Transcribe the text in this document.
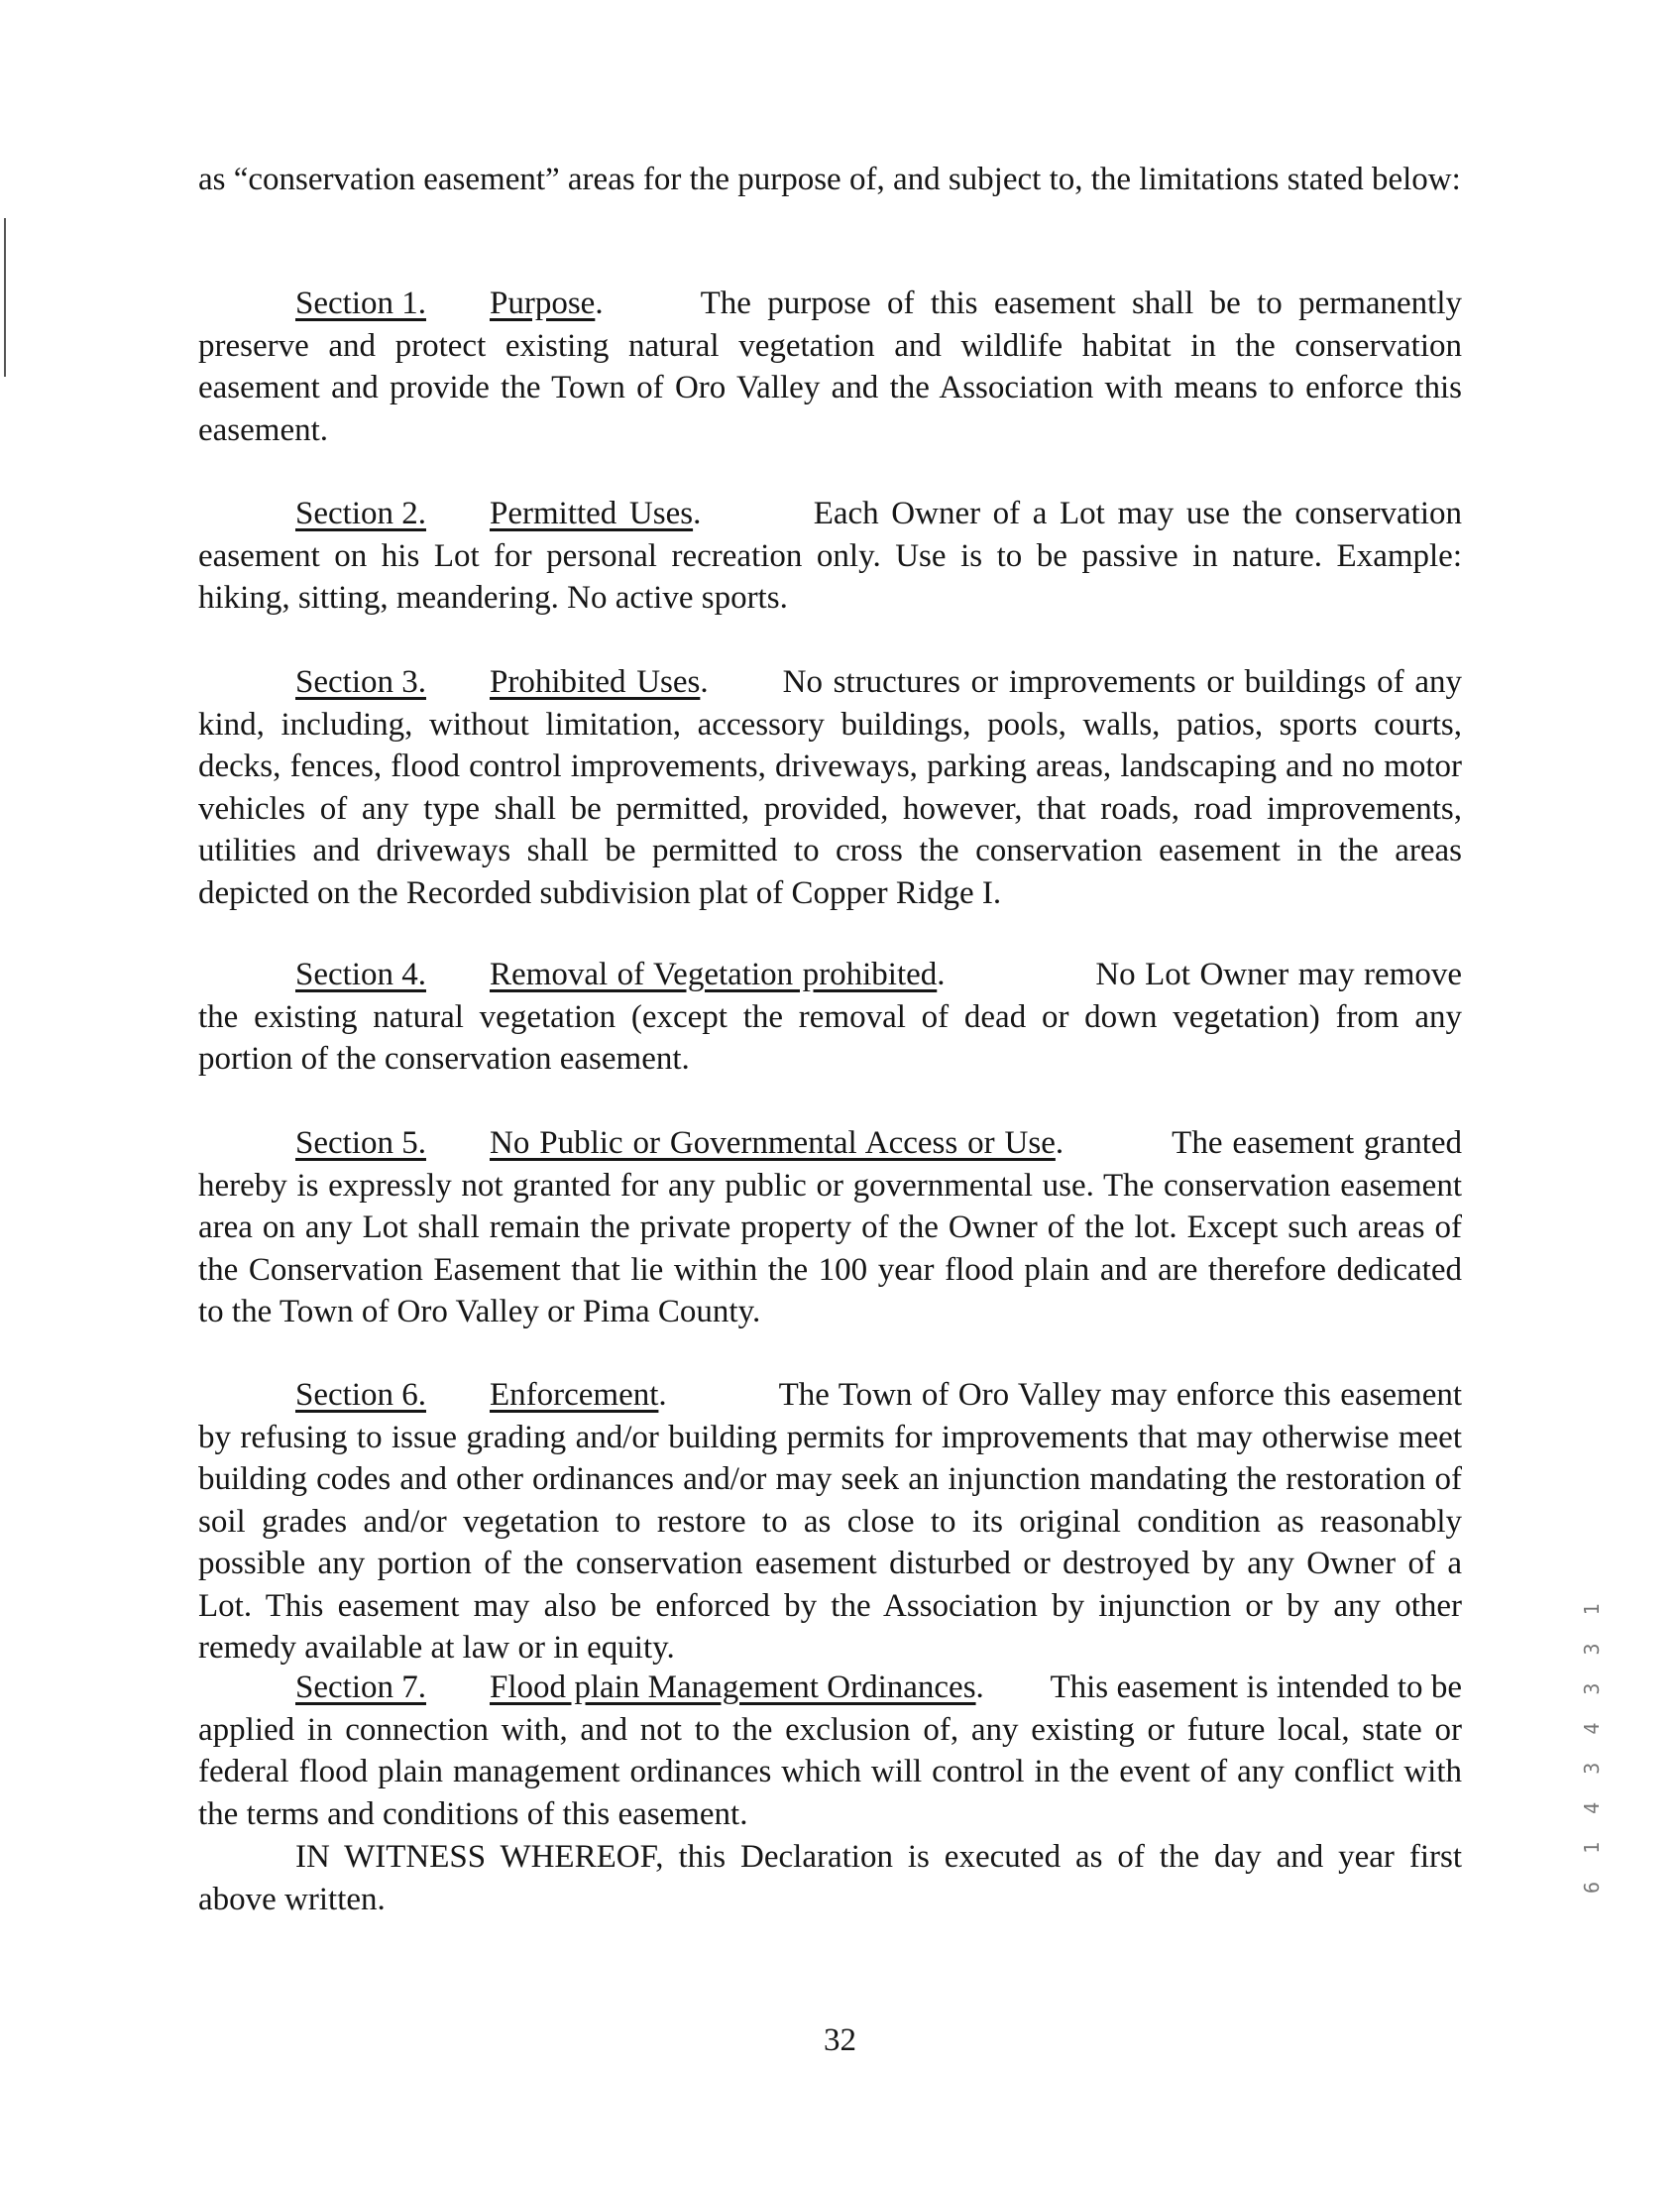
as “conservation easement” areas for the purpose of, and subject to, the limitations stated below:

Section 1. Purpose.      The purpose of this easement shall be to permanently preserve and protect existing natural vegetation and wildlife habitat in the conservation easement and provide the Town of Oro Valley and the Association with means to enforce this easement.

Section 2. Permitted Uses.         Each Owner of a Lot may use the conservation easement on his Lot for personal recreation only. Use is to be passive in nature. Example: hiking, sitting, meandering. No active sports.

Section 3. Prohibited Uses.       No structures or improvements or buildings of any kind, including, without limitation, accessory buildings, pools, walls, patios, sports courts, decks, fences, flood control improvements, driveways, parking areas, landscaping and no motor vehicles of any type shall be permitted, provided, however, that roads, road improvements, utilities and driveways shall be permitted to cross the conservation easement in the areas depicted on the Recorded subdivision plat of Copper Ridge I.

Section 4. Removal of Vegetation prohibited.                No Lot Owner may remove the existing natural vegetation (except the removal of dead or down vegetation) from any portion of the conservation easement.

Section 5. No Public or Governmental Access or Use.           The easement granted hereby is expressly not granted for any public or governmental use. The conservation easement area on any Lot shall remain the private property of the Owner of the lot. Except such areas of the Conservation Easement that lie within the 100 year flood plain and are therefore dedicated to the Town of Oro Valley or Pima County.

Section 6. Enforcement.            The Town of Oro Valley may enforce this easement by refusing to issue grading and/or building permits for improvements that may otherwise meet building codes and other ordinances and/or may seek an injunction mandating the restoration of soil grades and/or vegetation to restore to as close to its original condition as reasonably possible any portion of the conservation easement disturbed or destroyed by any Owner of a Lot. This easement may also be enforced by the Association by injunction or by any other remedy available at law or in equity.

Section 7. Flood plain Management Ordinances.        This easement is intended to be applied in connection with, and not to the exclusion of, any existing or future local, state or federal flood plain management ordinances which will control in the event of any conflict with the terms and conditions of this easement.

IN WITNESS WHEREOF, this Declaration is executed as of the day and year first above written.

32
6 1 4 3 4 3 3 1
